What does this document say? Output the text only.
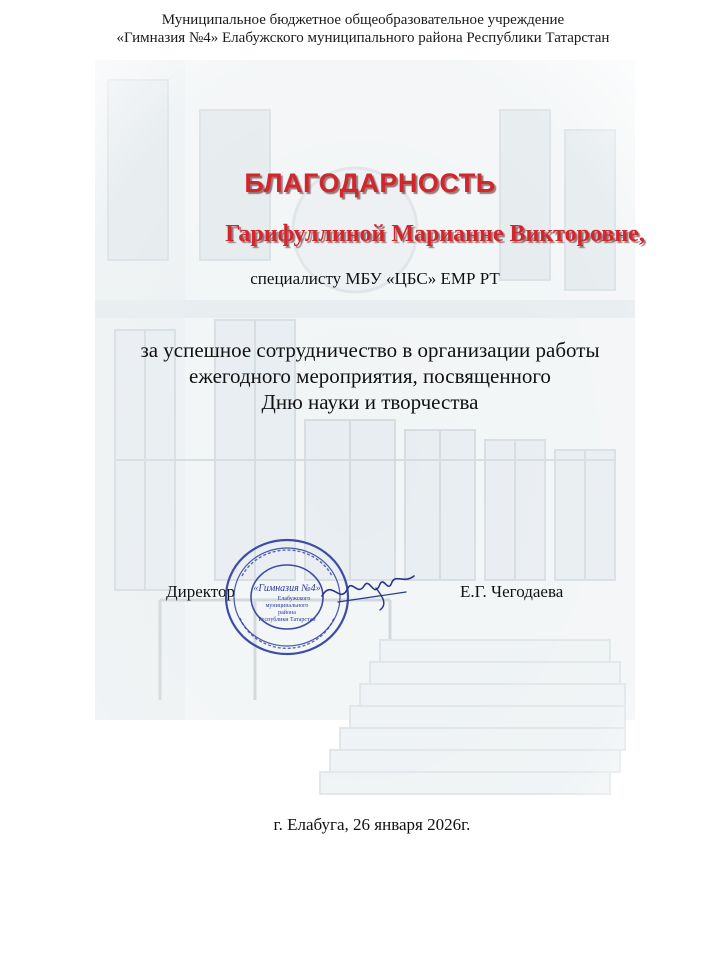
Муниципальное бюджетное общеобразовательное учреждение
«Гимназия №4» Елабужского муниципального района Республики Татарстан
БЛАГОДАРНОСТЬ
Гарифуллиной Марианне Викторовне,
специалисту МБУ «ЦБС» ЕМР РТ
за успешное сотрудничество в организации работы
ежегодного мероприятия, посвященного
Дню науки и творчества
Директор	Е.Г. Чегодаева
«Гимназия №4»
Елабужского
муниципального
района
Республики Татарстан
г. Елабуга, 26 января 2026г.
